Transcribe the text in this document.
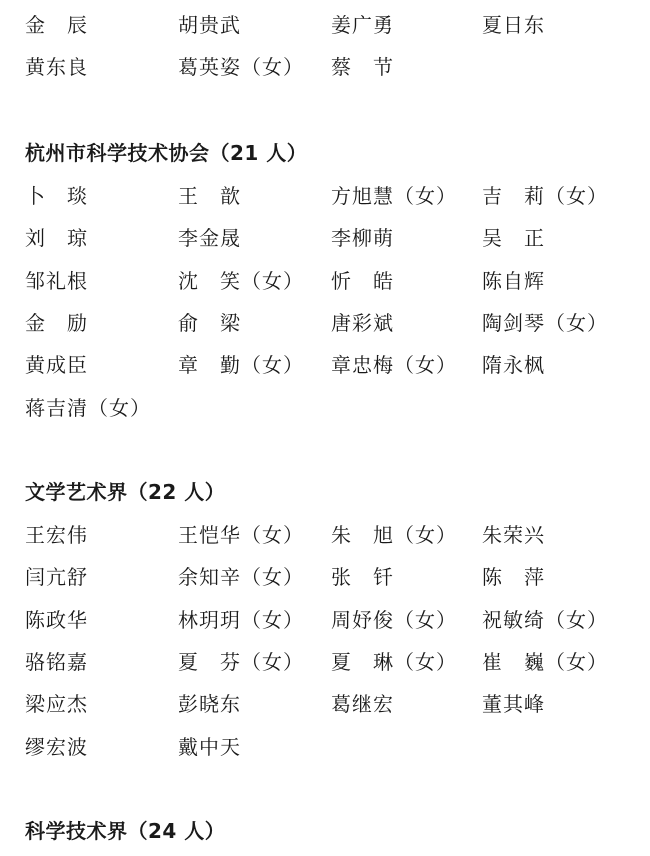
金　辰	胡贵武	姜广勇	夏日东
黄东良	葛英姿（女） 蔡　节
杭州市科学技术协会（21 人）
卜　琰	王　歆	方旭慧（女） 吉　莉（女）
刘　琼	李金晟	李柳萌	吴　正
邹礼根	沈　笑（女） 忻　皓	陈自辉
金　励	俞　梁	唐彩斌	陶剑琴（女）
黄成臣	章　勤（女） 章忠梅（女） 隋永枫
蒋吉清（女）
文学艺术界（22 人）
王宏伟	王恺华（女） 朱　旭（女） 朱荣兴
闫亢舒	余知辛（女） 张　钎	陈　萍
陈政华	林玥玥（女） 周妤俊（女） 祝敏绮（女）
骆铭嘉	夏　芬（女） 夏　琳（女） 崔　巍（女）
梁应杰	彭晓东	葛继宏	董其峰
缪宏波	戴中天
科学技术界（24 人）
